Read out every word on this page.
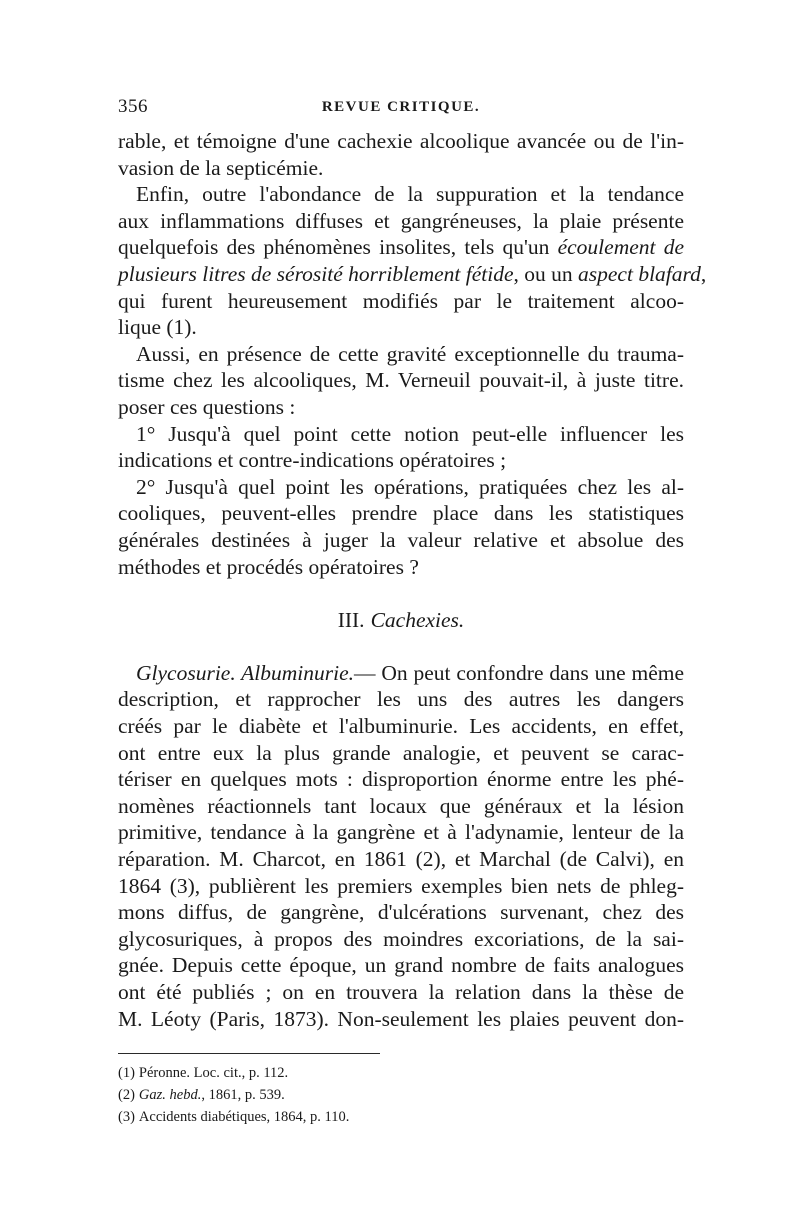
356	REVUE CRITIQUE.
rable, et témoigne d'une cachexie alcoolique avancée ou de l'in-
vasion de la septicémie.
Enfin, outre l'abondance de la suppuration et la tendance
aux inflammations diffuses et gangréneuses, la plaie présente
quelquefois des phénomènes insolites, tels qu'un écoulement de
plusieurs litres de sérosité horriblement fétide, ou un aspect blafard,
qui furent heureusement modifiés par le traitement alcoo-
lique (1).
Aussi, en présence de cette gravité exceptionnelle du trauma-
tisme chez les alcooliques, M. Verneuil pouvait-il, à juste titre.
poser ces questions :
1° Jusqu'à quel point cette notion peut-elle influencer les
indications et contre-indications opératoires ;
2° Jusqu'à quel point les opérations, pratiquées chez les al-
cooliques, peuvent-elles prendre place dans les statistiques
générales destinées à juger la valeur relative et absolue des
méthodes et procédés opératoires ?
III. Cachexies.
Glycosurie. Albuminurie.— On peut confondre dans une même
description, et rapprocher les uns des autres les dangers
créés par le diabète et l'albuminurie. Les accidents, en effet,
ont entre eux la plus grande analogie, et peuvent se carac-
tériser en quelques mots : disproportion énorme entre les phé-
nomènes réactionnels tant locaux que généraux et la lésion
primitive, tendance à la gangrène et à l'adynamie, lenteur de la
réparation. M. Charcot, en 1861 (2), et Marchal (de Calvi), en
1864 (3), publièrent les premiers exemples bien nets de phleg-
mons diffus, de gangrène, d'ulcérations survenant, chez des
glycosuriques, à propos des moindres excoriations, de la sai-
gnée. Depuis cette époque, un grand nombre de faits analogues
ont été publiés ; on en trouvera la relation dans la thèse de
M. Léoty (Paris, 1873). Non-seulement les plaies peuvent don-
(1) Péronne. Loc. cit., p. 112.
(2) Gaz. hebd., 1861, p. 539.
(3) Accidents diabétiques, 1864, p. 110.
